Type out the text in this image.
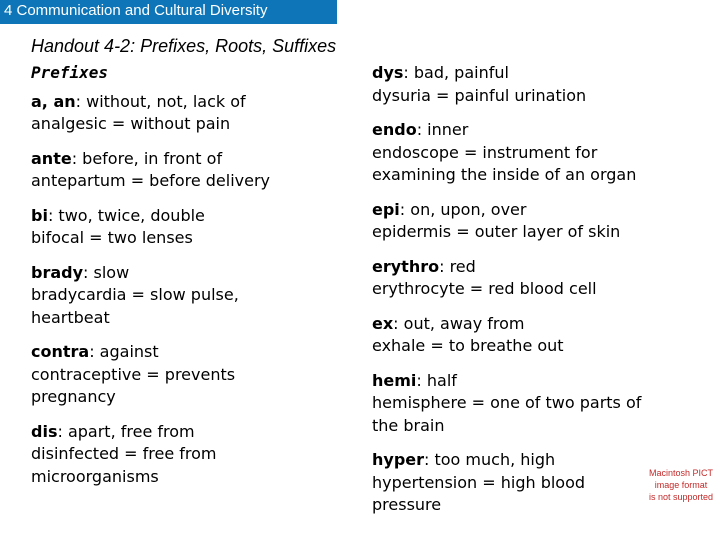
4 Communication and Cultural Diversity
Handout 4-2: Prefixes, Roots, Suffixes
Prefixes
a, an: without, not, lack of
analgesic = without pain
ante: before, in front of
antepartum = before delivery
bi: two, twice, double
bifocal = two lenses
brady: slow
bradycardia = slow pulse,
heartbeat
contra: against
contraceptive = prevents
pregnancy
dis: apart, free from
disinfected = free from
microorganisms
dys: bad, painful
dysuria = painful urination
endo: inner
endoscope = instrument for
examining the inside of an organ
epi: on, upon, over
epidermis = outer layer of skin
erythro: red
erythrocyte = red blood cell
ex: out, away from
exhale = to breathe out
hemi: half
hemisphere = one of two parts of
the brain
hyper: too much, high
hypertension = high blood
pressure
Macintosh PICT
image format
is not supported
